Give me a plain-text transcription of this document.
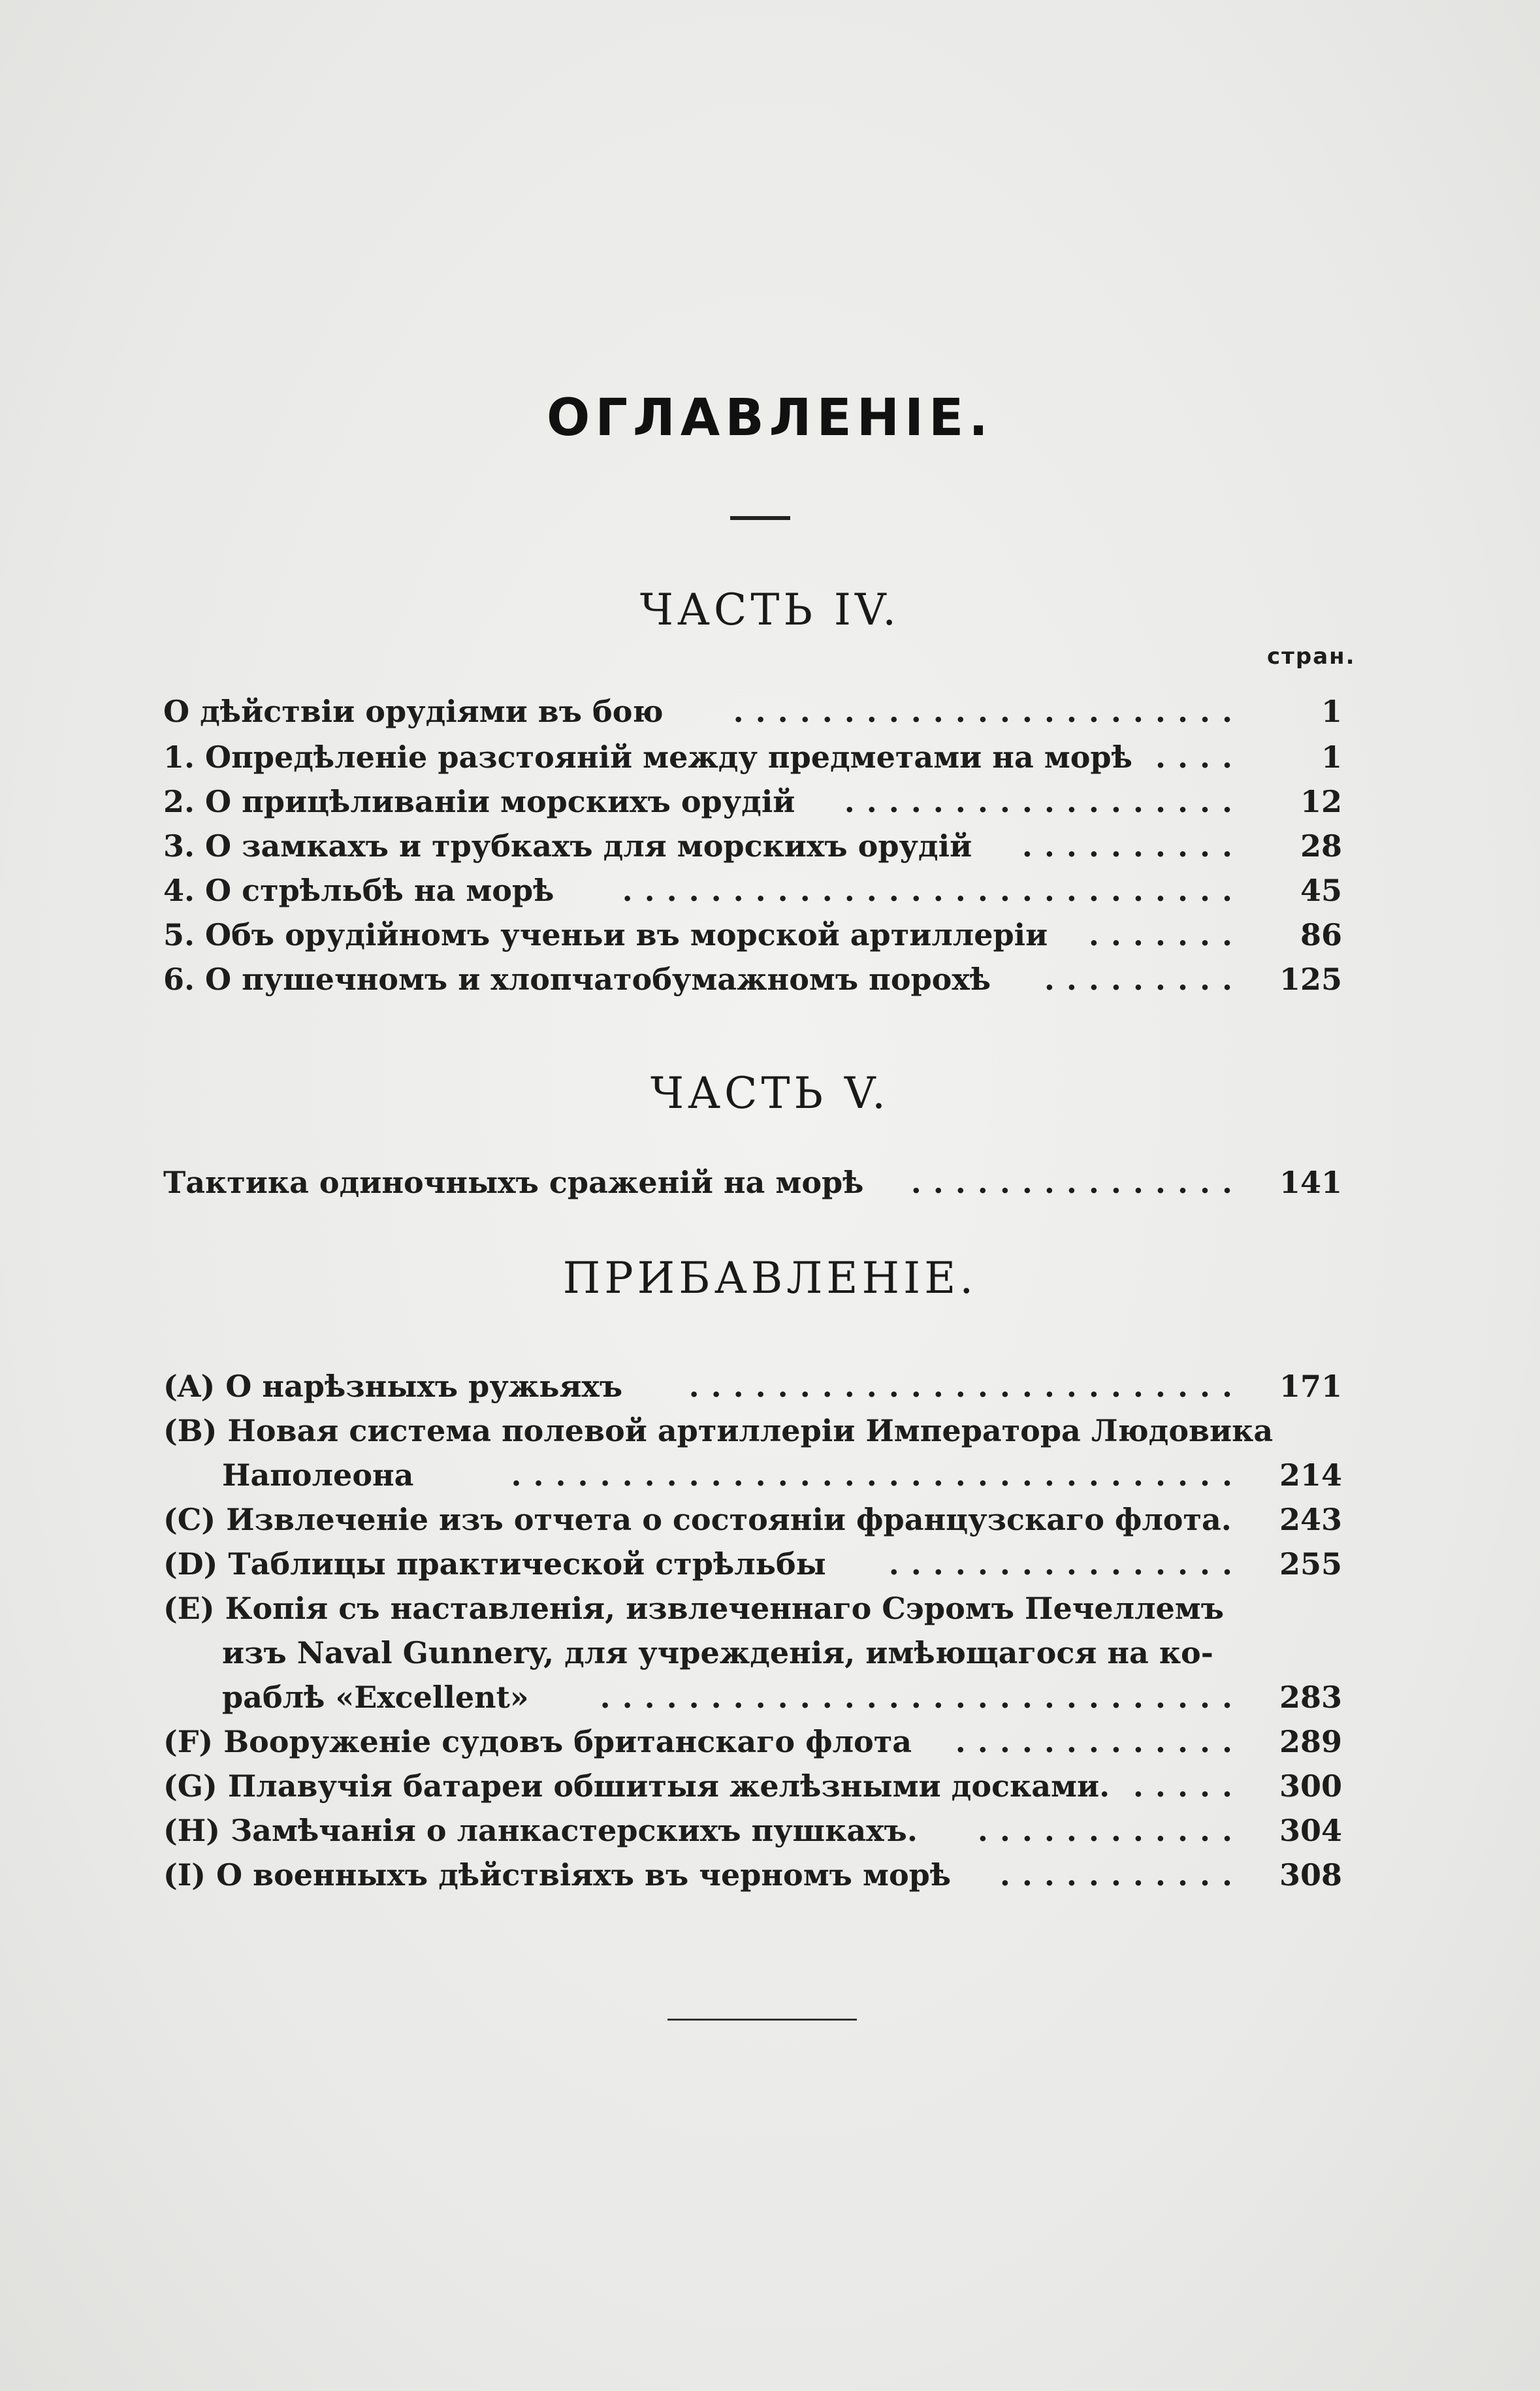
ОГЛАВЛЕНІЕ.
ЧАСТЬ IV.
стран.
О дѣйствіи орудіями въ бою	1
.......................
1. Опредѣленіе разстояній между предметами на морѣ	1
....
2. О прицѣливаніи морскихъ орудій	12
..................
3. О замкахъ и трубкахъ для морскихъ орудій	28
..........
4. О стрѣльбѣ на морѣ	45
............................
5. Объ орудійномъ ученьи въ морской артиллеріи	86
.......
6. О пушечномъ и хлопчатобумажномъ порохѣ	125
.........
ЧАСТЬ V.
Тактика одиночныхъ сраженій на морѣ	141
...............
ПРИБАВЛЕНІЕ.
(A) О нарѣзныхъ ружьяхъ	171
.........................
(B) Новая система полевой артиллеріи Императора Людовика
Наполеона	214
.................................
(C) Извлеченіе изъ отчета о состояніи французскаго флота.	243
(D) Таблицы практической стрѣльбы	255
................
(E) Копія съ наставленія, извлеченнаго Сэромъ Печеллемъ
изъ Naval Gunnery, для учрежденія, имѣющагося на ко-
раблѣ «Excellent»	283
.............................
(F) Вооруженіе судовъ британскаго флота	289
.............
(G) Плавучія батареи обшитыя желѣзными досками.	300
.....
(H) Замѣчанія о ланкастерскихъ пушкахъ.	304
............
(I) О военныхъ дѣйствіяхъ въ черномъ морѣ	308
...........
